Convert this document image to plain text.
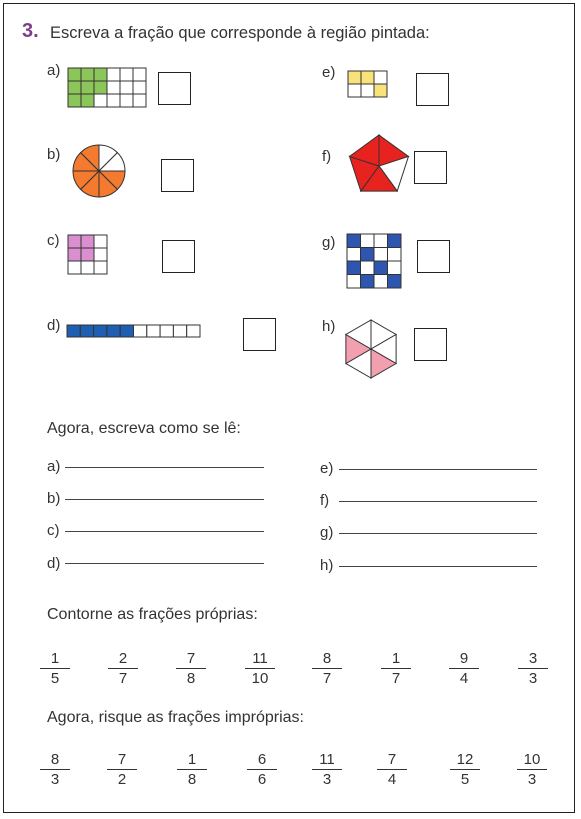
3. Escreva a fração que corresponde à região pintada:
a)
b)
c)
d)
e)
f)
g)
h)
Agora, escreva como se lê:
a)
b)
c)
d)
e)
f)
g)
h)
Contorne as frações próprias:
$\frac{1}{5}$	$\frac{2}{7}$	$\frac{7}{8}$	$\frac{11}{10} \frac{8}{7}$	$\frac{1}{7}$	$\frac{9}{4}$	$\frac{3}{3}$
Agora, risque as frações impróprias:
$\frac{8}{3} \frac{7}{2}$	$\frac{1}{8}$	$\frac{6}{6} \frac{11}{3} \frac{7}{4}$	$\frac{12}{5} \frac{10}{3}$
